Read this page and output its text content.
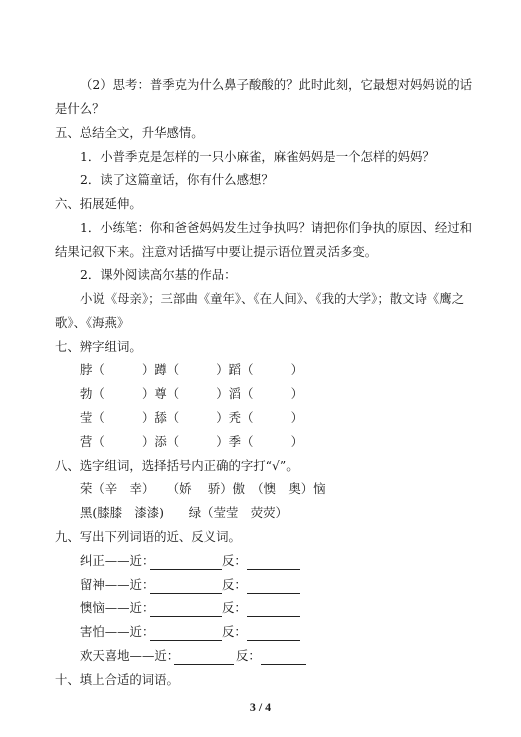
（2）思考：普季克为什么鼻子酸酸的？此时此刻，它最想对妈妈说的话
是什么？
五、总结全文，升华感情。
1．小普季克是怎样的一只小麻雀，麻雀妈妈是一个怎样的妈妈？
2．读了这篇童话，你有什么感想？
六、拓展延伸。
1．小练笔：你和爸爸妈妈发生过争执吗？请把你们争执的原因、经过和
结果记叙下来。注意对话描写中要让提示语位置灵活多变。
2．课外阅读高尔基的作品：
小说《母亲》；三部曲《童年》、《在人间》、《我的大学》；散文诗《鹰之
歌》、《海燕》
七、辨字组词。
脖（　　　）蹲（　　　）蹈（　　　）
勃（　　　）尊（　　　）滔（　　　）
莹（　　　）舔（　　　）秃（　　　）
营（　　　）添（　　　）季（　　　）
八、选字组词，选择括号内正确的字打“√”。
荣（辛　幸）　　（娇　 骄）傲　（懊　奥）恼
黑(膝膝　漆漆)　　绿（莹莹　荧荧）
九、写出下列词语的近、反义词。
纠正——近：	反：
留神——近：	反：
懊恼——近：	反：
害怕——近：	反：
欢天喜地——近：	反：
十、填上合适的词语。
3 / 4
